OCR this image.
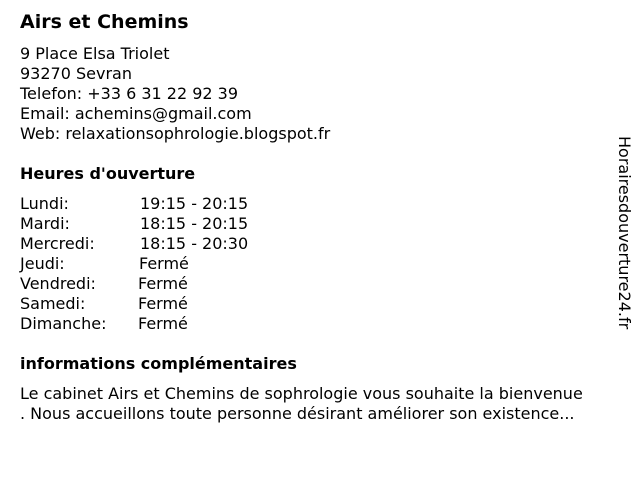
Airs et Chemins
9 Place Elsa Triolet
93270 Sevran
Telefon: +33 6 31 22 92 39
Email: achemins@gmail.com
Web: relaxationsophrologie.blogspot.fr
Heures d'ouverture
Lundi:	19:15 - 20:15
Mardi:	18:15 - 20:15
Mercredi:	18:15 - 20:30
Jeudi:	Fermé
Vendredi:	Fermé
Samedi:	Fermé
Dimanche: Fermé
informations complémentaires
Le cabinet Airs et Chemins de sophrologie vous souhaite la bienvenue
. Nous accueillons toute personne désirant améliorer son existence...
Horairesdouverture24.fr
